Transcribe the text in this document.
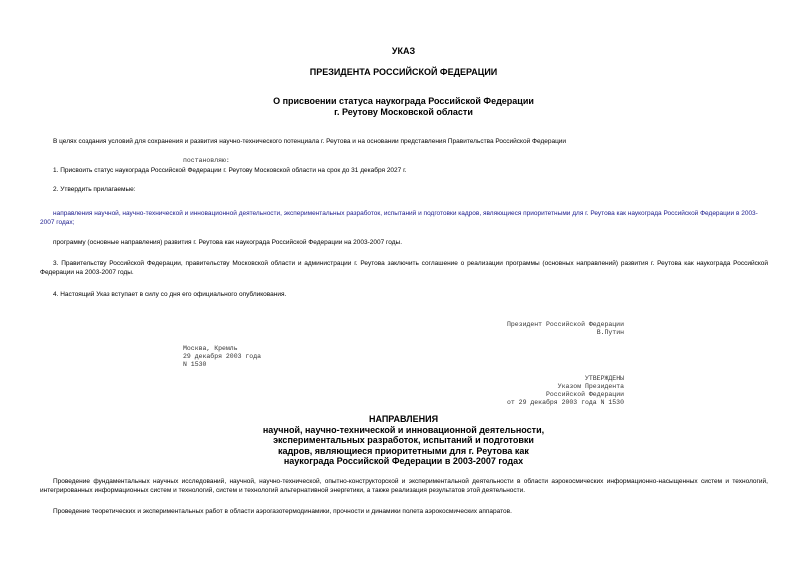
УКАЗ
ПРЕЗИДЕНТА РОССИЙСКОЙ ФЕДЕРАЦИИ
О присвоении статуса наукограда Российской Федерации
г. Реутову Московской области
В целях создания условий для сохранения и развития научно-технического потенциала г. Реутова и на основании представления Правительства Российской Федерации
постановляю:
1. Присвоить статус наукограда Российской Федерации г. Реутову Московской области на срок до 31 декабря 2027 г.
2. Утвердить прилагаемые:
направления научной, научно-технической и инновационной деятельности, экспериментальных разработок, испытаний и подготовки кадров, являющиеся приоритетными для г. Реутова как наукограда Российской Федерации в 2003-2007 годах;
программу (основные направления) развития г. Реутова как наукограда Российской Федерации на 2003-2007 годы.
3. Правительству Российской Федерации, правительству Московской области и администрации г. Реутова заключить соглашение о реализации программы (основных направлений) развития г. Реутова как наукограда Российской Федерации на 2003-2007 годы.
4. Настоящий Указ вступает в силу со дня его официального опубликования.
Президент Российской Федерации
В.Путин
Москва, Кремль
29 декабря 2003 года
N 1530
УТВЕРЖДЕНЫ
Указом Президента
Российской Федерации
от 29 декабря 2003 года N 1530
НАПРАВЛЕНИЯ
научной, научно-технической и инновационной деятельности,
экспериментальных разработок, испытаний и подготовки
кадров, являющиеся приоритетными для г. Реутова как
наукограда Российской Федерации в 2003-2007 годах
Проведение фундаментальных научных исследований, научной, научно-технической, опытно-конструкторской и экспериментальной деятельности в области аэрокосмических информационно-насыщенных систем и технологий, интегрированных информационных систем и технологий, систем и технологий альтернативной энергетики, а также реализация результатов этой деятельности.
Проведение теоретических и экспериментальных работ в области аэрогазотермодинамики, прочности и динамики полета аэрокосмических аппаратов.
